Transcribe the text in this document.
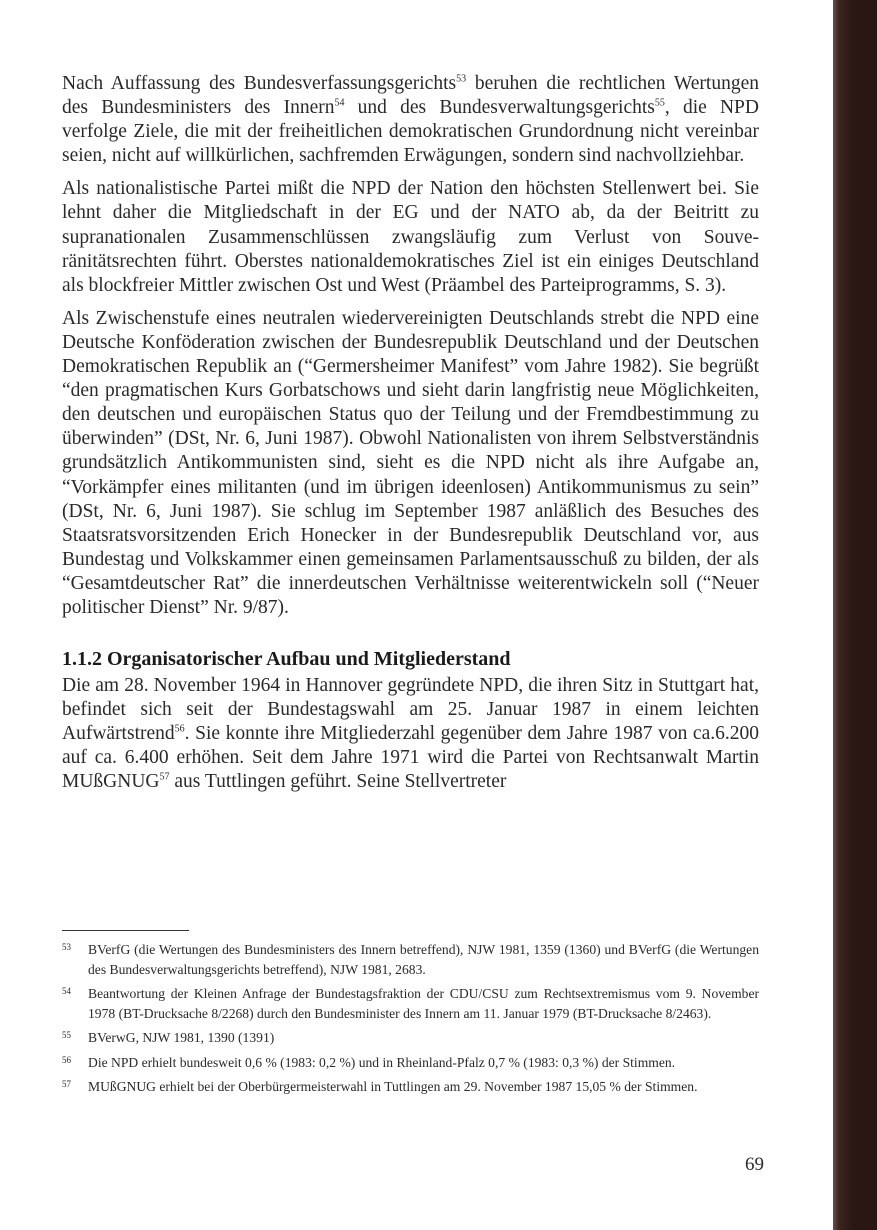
Nach Auffassung des Bundesverfassungsgerichts$^{53}$ beruhen die rechtlichen Wertungen des Bundesministers des Innern$^{54}$ und des Bundesverwaltungsgerichts$^{55}$, die NPD verfolge Ziele, die mit der freiheitlichen demokratischen Grundordnung nicht vereinbar seien, nicht auf willkürlichen, sachfremden Erwägungen, sondern sind nachvollziehbar.

Als nationalistische Partei mißt die NPD der Nation den höchsten Stellenwert bei. Sie lehnt daher die Mitgliedschaft in der EG und der NATO ab, da der Beitritt zu supranationalen Zusammenschlüssen zwangsläufig zum Verlust von Souveränitätsrechten führt. Oberstes nationaldemokratisches Ziel ist ein einiges Deutschland als blockfreier Mittler zwischen Ost und West (Präambel des Parteiprogramms, S. 3).

Als Zwischenstufe eines neutralen wiedervereinigten Deutschlands strebt die NPD eine Deutsche Konföderation zwischen der Bundesrepublik Deutschland und der Deutschen Demokratischen Republik an (“Germersheimer Manifest” vom Jahre 1982). Sie begrüßt “den pragmatischen Kurs Gorbatschows und sieht darin langfristig neue Möglichkeiten, den deutschen und europäischen Status quo der Teilung und der Fremdbestimmung zu überwinden” (DSt, Nr. 6, Juni 1987). Obwohl Nationalisten von ihrem Selbstverständnis grundsätzlich Antikommunisten sind, sieht es die NPD nicht als ihre Aufgabe an, “Vorkämpfer eines militanten (und im übrigen ideenlosen) Antikommunismus zu sein” (DSt, Nr. 6, Juni 1987). Sie schlug im September 1987 anläßlich des Besuches des Staatsratsvorsitzenden Erich Honecker in der Bundesrepublik Deutschland vor, aus Bundestag und Volkskammer einen gemeinsamen Parlamentsausschuß zu bilden, der als “Gesamtdeutscher Rat” die innerdeutschen Verhältnisse weiterentwickeln soll (“Neuer politischer Dienst” Nr. 9/87).

1.1.2 Organisatorischer Aufbau und Mitgliederstand

Die am 28. November 1964 in Hannover gegründete NPD, die ihren Sitz in Stuttgart hat, befindet sich seit der Bundestagswahl am 25. Januar 1987 in einem leichten Aufwärtstrend$^{56}$. Sie konnte ihre Mitgliederzahl gegenüber dem Jahre 1987 von ca.6.200 auf ca. 6.400 erhöhen. Seit dem Jahre 1971 wird die Partei von Rechtsanwalt Martin MUßGNUG$^{57}$ aus Tuttlingen geführt. Seine Stellvertreter

53 BVerfG (die Wertungen des Bundesministers des Innern betreffend), NJW 1981, 1359 (1360) und BVerfG (die Wertungen des Bundesverwaltungsgerichts betreffend), NJW 1981, 2683.
54 Beantwortung der Kleinen Anfrage der Bundestagsfraktion der CDU/CSU zum Rechtsextremismus vom 9. November 1978 (BT-Drucksache 8/2268) durch den Bundesminister des Innern am 11. Januar 1979 (BT-Drucksache 8/2463).
55 BVerwG, NJW 1981, 1390 (1391)
56 Die NPD erhielt bundesweit 0,6 % (1983: 0,2 %) und in Rheinland-Pfalz 0,7 % (1983: 0,3 %) der Stimmen.
57 MUßGNUG erhielt bei der Oberbürgermeisterwahl in Tuttlingen am 29. November 1987 15,05 % der Stimmen.
69
